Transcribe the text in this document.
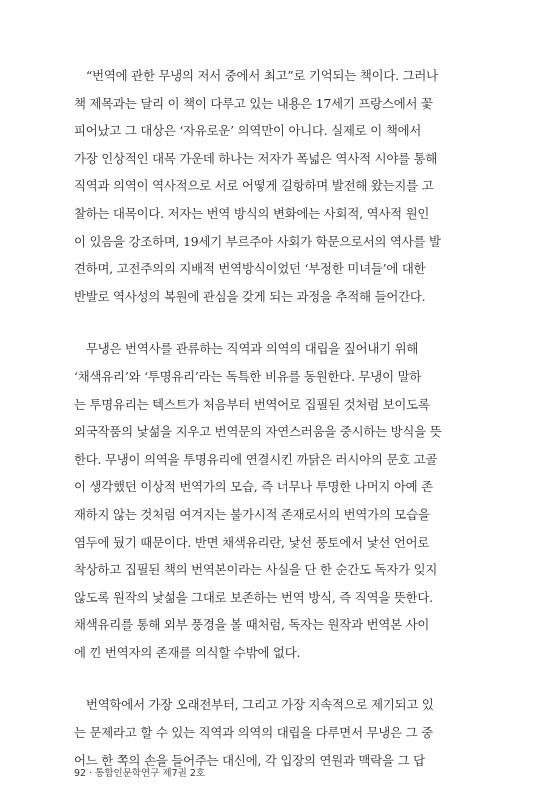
“번역에 관한 무냉의 저서 중에서 최고”로 기억되는 책이다. 그러나
책 제목과는 달리 이 책이 다루고 있는 내용은 17세기 프랑스에서 꽃
피어났고 그 대상은 ‘자유로운’ 의역만이 아니다. 실제로 이 책에서
가장 인상적인 대목 가운데 하나는 저자가 폭넓은 역사적 시야를 통해
직역과 의역이 역사적으로 서로 어떻게 길항하며 발전해 왔는지를 고
찰하는 대목이다. 저자는 번역 방식의 변화에는 사회적, 역사적 원인
이 있음을 강조하며, 19세기 부르주아 사회가 학문으로서의 역사를 발
견하며, 고전주의의 지배적 번역방식이었던 ‘부정한 미녀들’에 대한
반발로 역사성의 복원에 관심을 갖게 되는 과정을 추적해 들어간다.
무냉은 번역사를 관류하는 직역과 의역의 대립을 짚어내기 위해
‘채색유리’와 ‘투명유리’라는 독특한 비유를 동원한다. 무냉이 말하
는 투명유리는 텍스트가 처음부터 번역어로 집필된 것처럼 보이도록
외국작품의 낯섦을 지우고 번역문의 자연스러움을 중시하는 방식을 뜻
한다. 무냉이 의역을 투명유리에 연결시킨 까닭은 러시아의 문호 고골
이 생각했던 이상적 번역가의 모습, 즉 너무나 투명한 나머지 아예 존
재하지 않는 것처럼 여겨지는 불가시적 존재로서의 번역가의 모습을
염두에 뒀기 때문이다. 반면 채색유리란, 낯선 풍토에서 낯선 언어로
착상하고 집필된 책의 번역본이라는 사실을 단 한 순간도 독자가 잊지
않도록 원작의 낯섦을 그대로 보존하는 번역 방식, 즉 직역을 뜻한다.
채색유리를 통해 외부 풍경을 볼 때처럼, 독자는 원작과 번역본 사이
에 낀 번역자의 존재를 의식할 수밖에 없다.
번역학에서 가장 오래전부터, 그리고 가장 지속적으로 제기되고 있
는 문제라고 할 수 있는 직역과 의역의 대립을 다루면서 무냉은 그 중
어느 한 쪽의 손을 들어주는 대신에, 각 입장의 연원과 맥락을 그 답
92 · 통합인문학연구 제7권 2호
